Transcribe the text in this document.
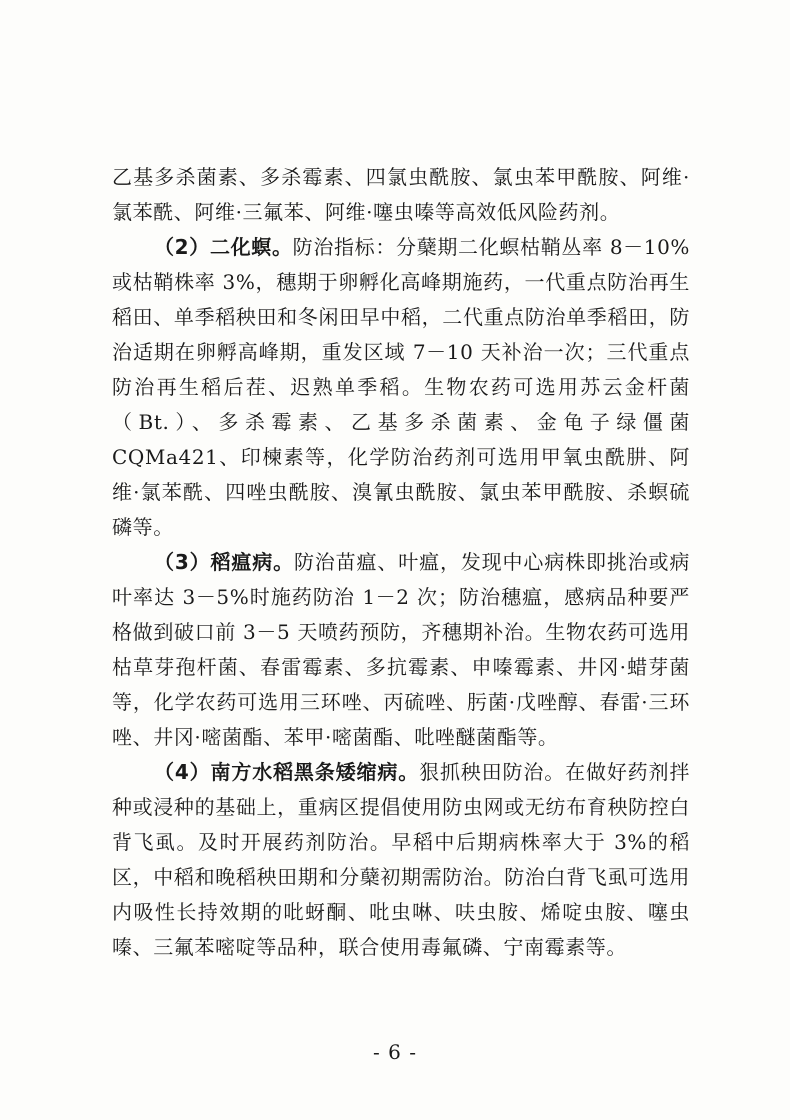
乙基多杀菌素、多杀霉素、四氯虫酰胺、氯虫苯甲酰胺、阿维·氯苯酰、阿维·三氟苯、阿维·噻虫嗪等高效低风险药剂。

（2）二化螟。防治指标：分蘖期二化螟枯鞘丛率 8－10%或枯鞘株率 3%，穗期于卵孵化高峰期施药，一代重点防治再生稻田、单季稻秧田和冬闲田早中稻，二代重点防治单季稻田，防治适期在卵孵高峰期，重发区域 7－10 天补治一次；三代重点防治再生稻后茬、迟熟单季稻。生物农药可选用苏云金杆菌（Bt.）、多杀霉素、乙基多杀菌素、金龟子绿僵菌 CQMa421、印楝素等，化学防治药剂可选用甲氧虫酰肼、阿维·氯苯酰、四唑虫酰胺、溴氰虫酰胺、氯虫苯甲酰胺、杀螟硫磷等。

（3）稻瘟病。防治苗瘟、叶瘟，发现中心病株即挑治或病叶率达 3－5%时施药防治 1－2 次；防治穗瘟，感病品种要严格做到破口前 3－5 天喷药预防，齐穗期补治。生物农药可选用枯草芽孢杆菌、春雷霉素、多抗霉素、申嗪霉素、井冈·蜡芽菌等，化学农药可选用三环唑、丙硫唑、肟菌·戊唑醇、春雷·三环唑、井冈·嘧菌酯、苯甲·嘧菌酯、吡唑醚菌酯等。

（4）南方水稻黑条矮缩病。狠抓秧田防治。在做好药剂拌种或浸种的基础上，重病区提倡使用防虫网或无纺布育秧防控白背飞虱。及时开展药剂防治。早稻中后期病株率大于 3%的稻区，中稻和晚稻秧田期和分蘖初期需防治。防治白背飞虱可选用内吸性长持效期的吡蚜酮、吡虫啉、呋虫胺、烯啶虫胺、噻虫嗪、三氟苯嘧啶等品种，联合使用毒氟磷、宁南霉素等。

- 6 -
